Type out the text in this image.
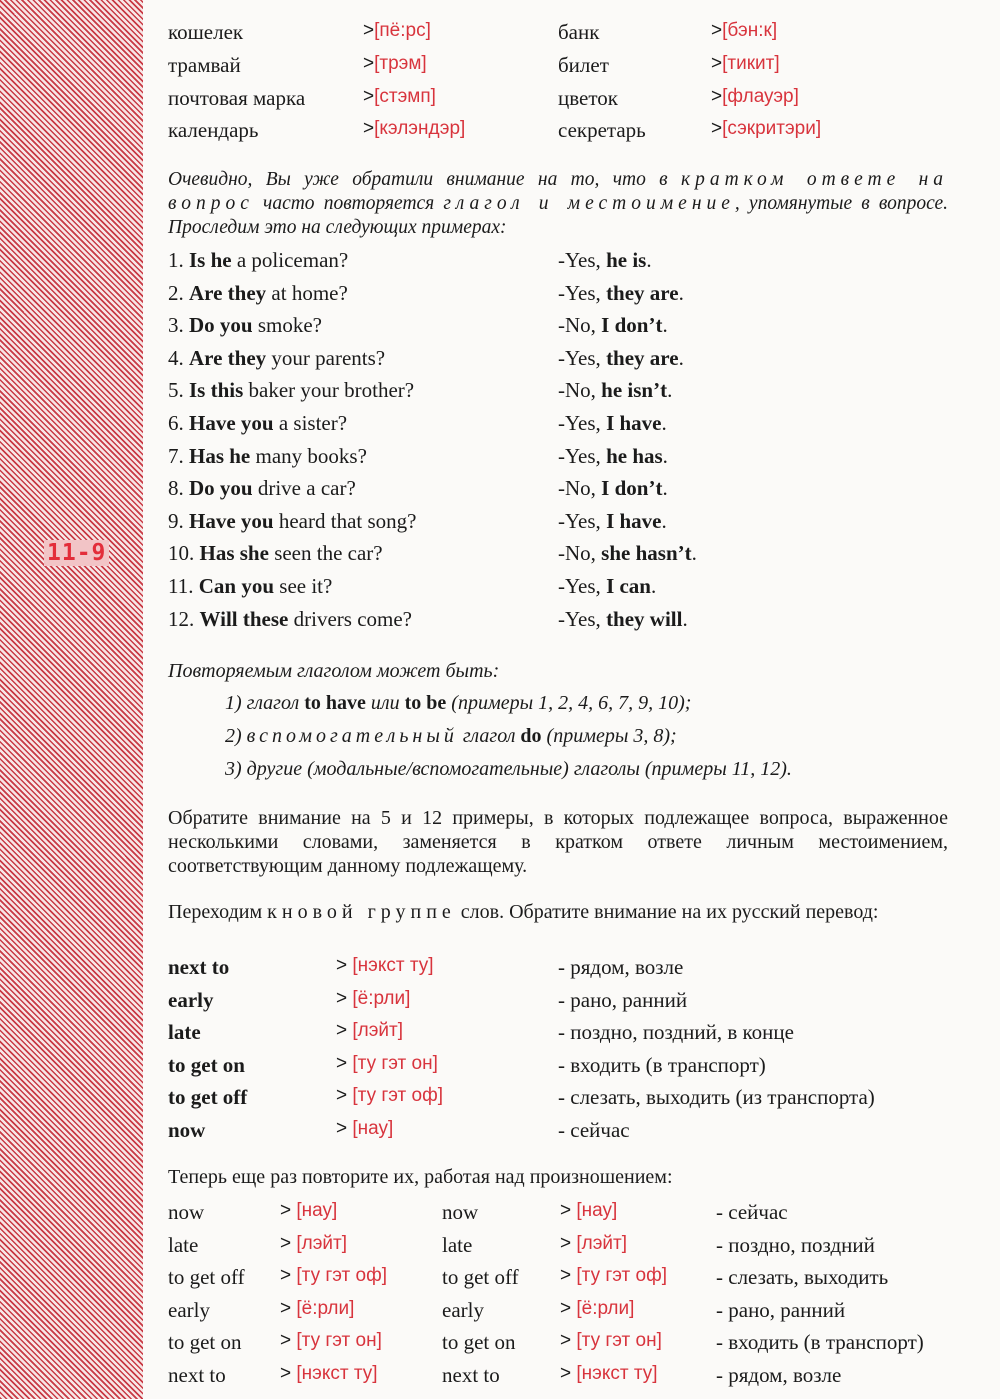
11-9
кошелек	>[пё:рс]	банк	>[бэн:к]
трамвай	>[трэм]	билет	>[тикит]
почтовая марка	>[стэмп]	цветок	>[флауэр]
календарь	>[кэлэндэр]	секретарь	>[сэкритэри]
Очевидно, Вы уже обратили внимание на то, что в кратком ответе на вопрос часто повторяется глагол и местоимение, упомянутые в вопросе. Проследим это на следующих примерах:
1. Is he a policeman?	-Yes, he is.
2. Are they at home?	-Yes, they are.
3. Do you smoke?	-No, I don’t.
4. Are they your parents?	-Yes, they are.
5. Is this baker your brother?	-No, he isn’t.
6. Have you a sister?	-Yes, I have.
7. Has he many books?	-Yes, he has.
8. Do you drive a car?	-No, I don’t.
9. Have you heard that song?	-Yes, I have.
10. Has she seen the car?	-No, she hasn’t.
11. Can you see it?	-Yes, I can.
12. Will these drivers come?	-Yes, they will.
Повторяемым глаголом может быть:
1) глагол to have или to be (примеры 1, 2, 4, 6, 7, 9, 10);
2) вспомогательный глагол do (примеры 3, 8);
3) другие (модальные/вспомогательные) глаголы (примеры 11, 12).
Обратите внимание на 5 и 12 примеры, в которых подлежащее вопроса, выраженное несколькими словами, заменяется в кратком ответе личным местоимением, соответствующим данному подлежащему.
Переходим к новой группе слов. Обратите внимание на их русский перевод:
next to	> [нэкст ту]	- рядом, возле
early	> [ё:рли]	- рано, ранний
late	> [лэйт]	- поздно, поздний, в конце
to get on	> [ту гэт он]	- входить (в транспорт)
to get off	> [ту гэт оф]	- слезать, выходить (из транспорта)
now	> [нау]	- сейчас
Теперь еще раз повторите их, работая над произношением:
now	> [нау]	now	> [нау]	- сейчас
late	> [лэйт]	late	> [лэйт]	- поздно, поздний
to get off > [ту гэт оф]	to get off > [ту гэт оф] - слезать, выходить
early	> [ё:рли]	early	> [ё:рли]	- рано, ранний
to get on > [ту гэт он]	to get on > [ту гэт он]	- входить (в транспорт)
next to	> [нэкст ту]	next to	> [нэкст ту]	- рядом, возле
